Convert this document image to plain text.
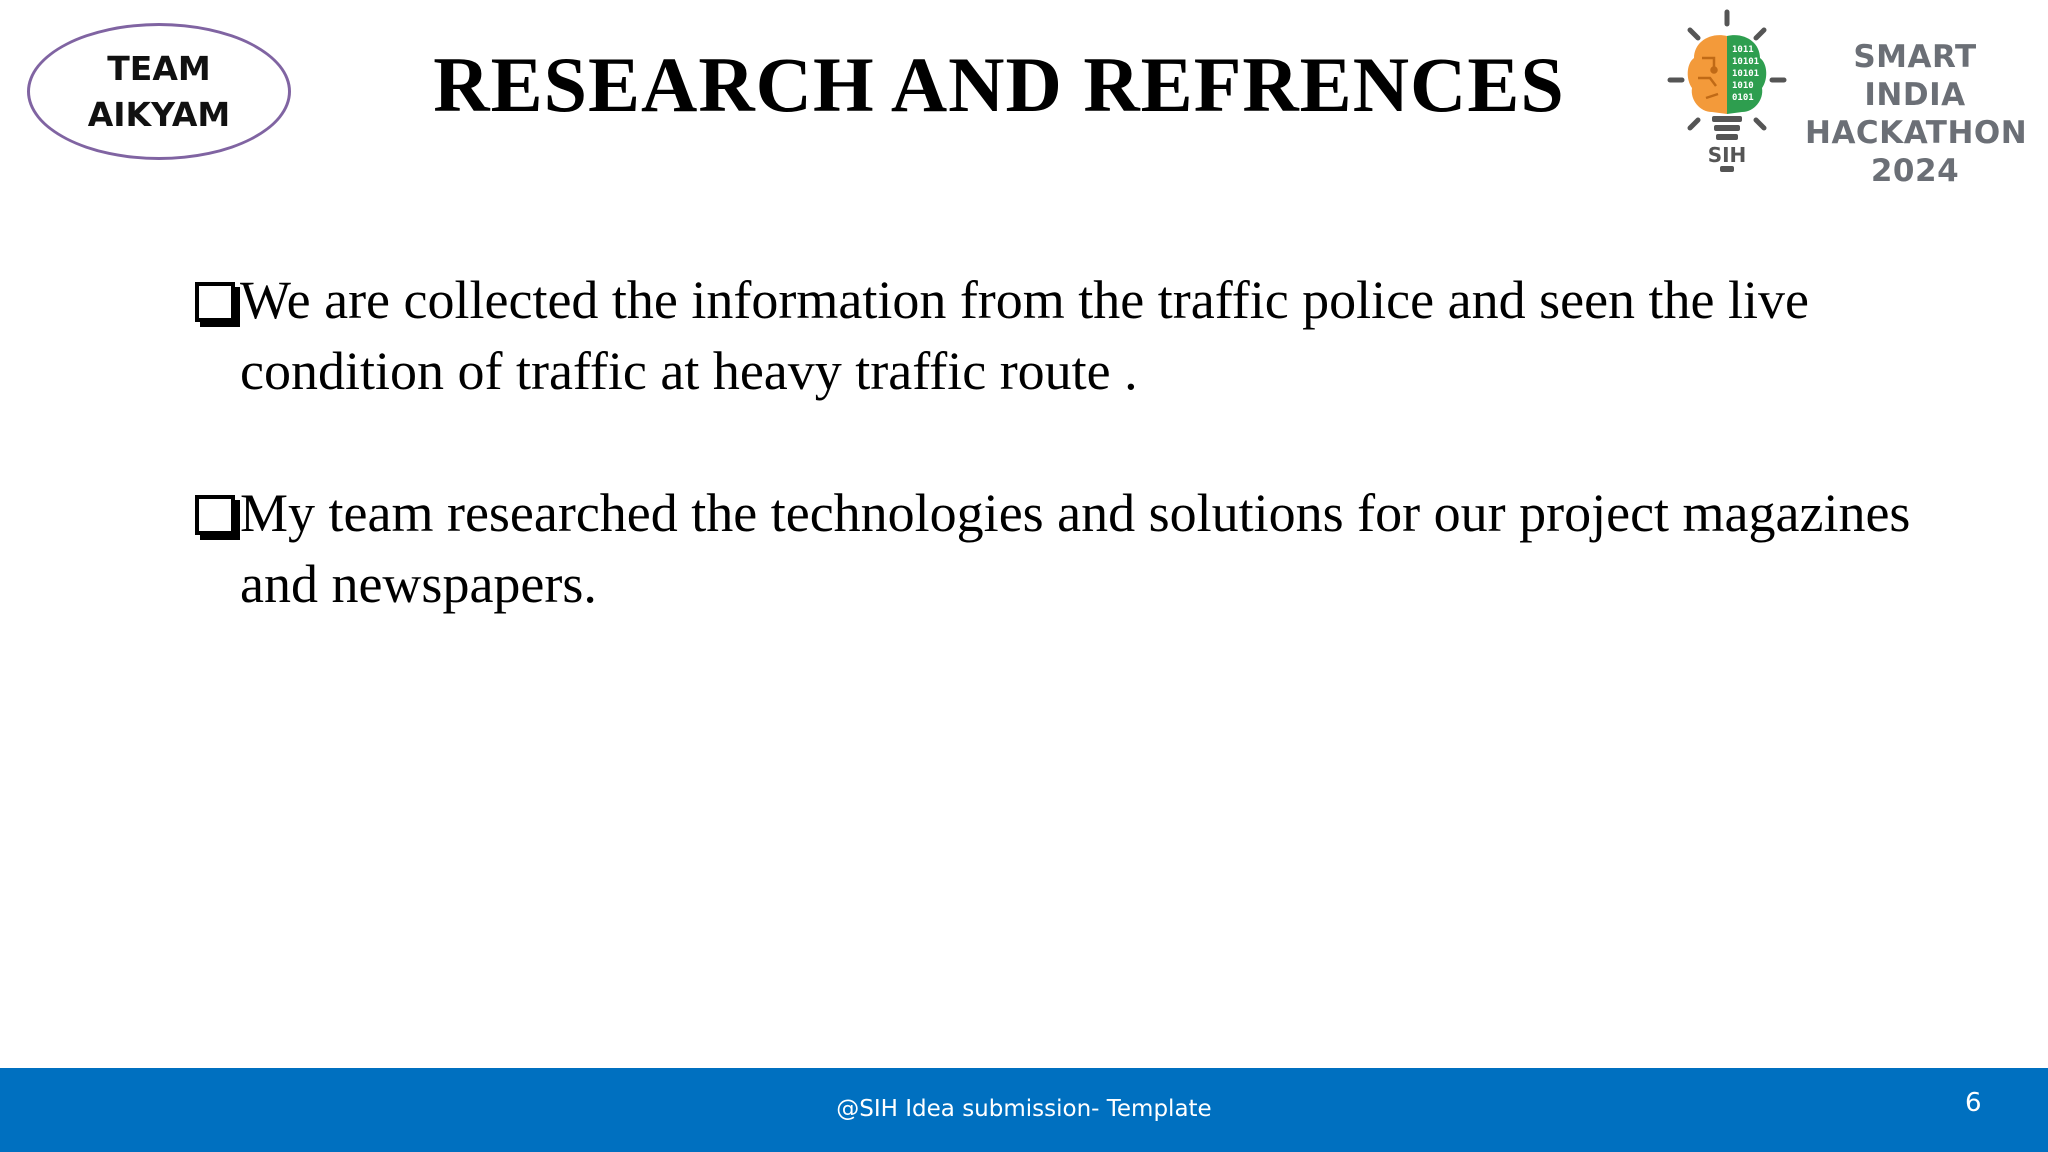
TEAM
AIKYAM	RESEARCH AND REFRENCES	1011
10101
10101
1010
0101
SIH
SMART INDIA
HACKATHON
2024
We are collected the information from the traffic police and seen the live condition of traffic at heavy traffic route .
My team researched the technologies and solutions for our project magazines and newspapers.
@SIH Idea submission- Template	6
